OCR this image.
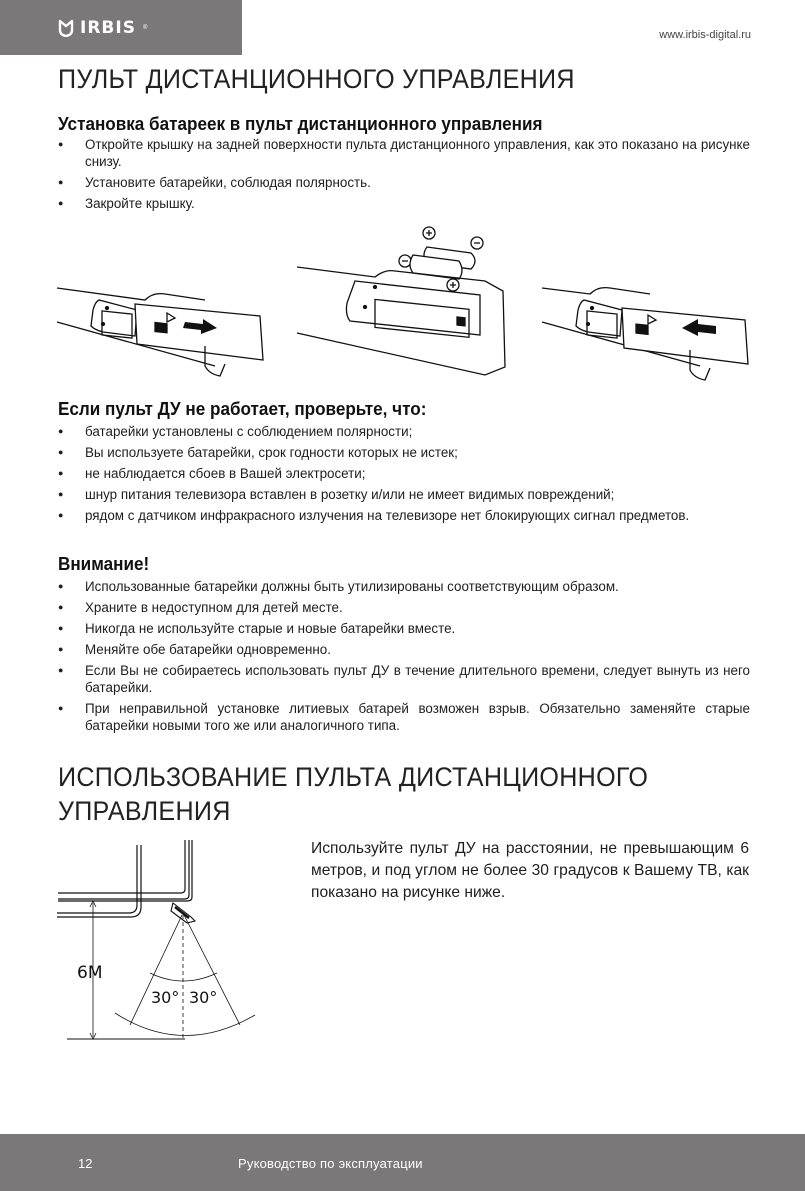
IRBIS ®
www.irbis-digital.ru
ПУЛЬТ ДИСТАНЦИОННОГО УПРАВЛЕНИЯ
Установка батареек в пульт дистанционного управления
● Откройте крышку на задней поверхности пульта дистанционного управления, как это показано на рисунке снизу.
● Установите батарейки, соблюдая полярность.
● Закройте крышку.
Если пульт ДУ не работает, проверьте, что:
● батарейки установлены с соблюдением полярности;
● Вы используете батарейки, срок годности которых не истек;
● не наблюдается сбоев в Вашей электросети;
● шнур питания телевизора вставлен в розетку и/или не имеет видимых повреждений;
● рядом с датчиком инфракрасного излучения на телевизоре нет блокирующих сигнал предметов.
Внимание!
● Использованные батарейки должны быть утилизированы соответствующим образом.
● Храните в недоступном для детей месте.
● Никогда не используйте старые и новые батарейки вместе.
● Меняйте обе батарейки одновременно.
● Если Вы не собираетесь использовать пульт ДУ в течение длительного времени, следует вынуть из него батарейки.
● При неправильной установке литиевых батарей возможен взрыв. Обязательно заменяйте старые батарейки новыми того же или аналогичного типа.
ИСПОЛЬЗОВАНИЕ ПУЛЬТА ДИСТАНЦИОННОГО
УПРАВЛЕНИЯ
6M
30° 30°
Используйте пульт ДУ на расстоянии, не превышающим 6 метров, и под углом не более 30 градусов к Вашему ТВ, как показано на рисунке ниже.
12	Руководство по эксплуатации
